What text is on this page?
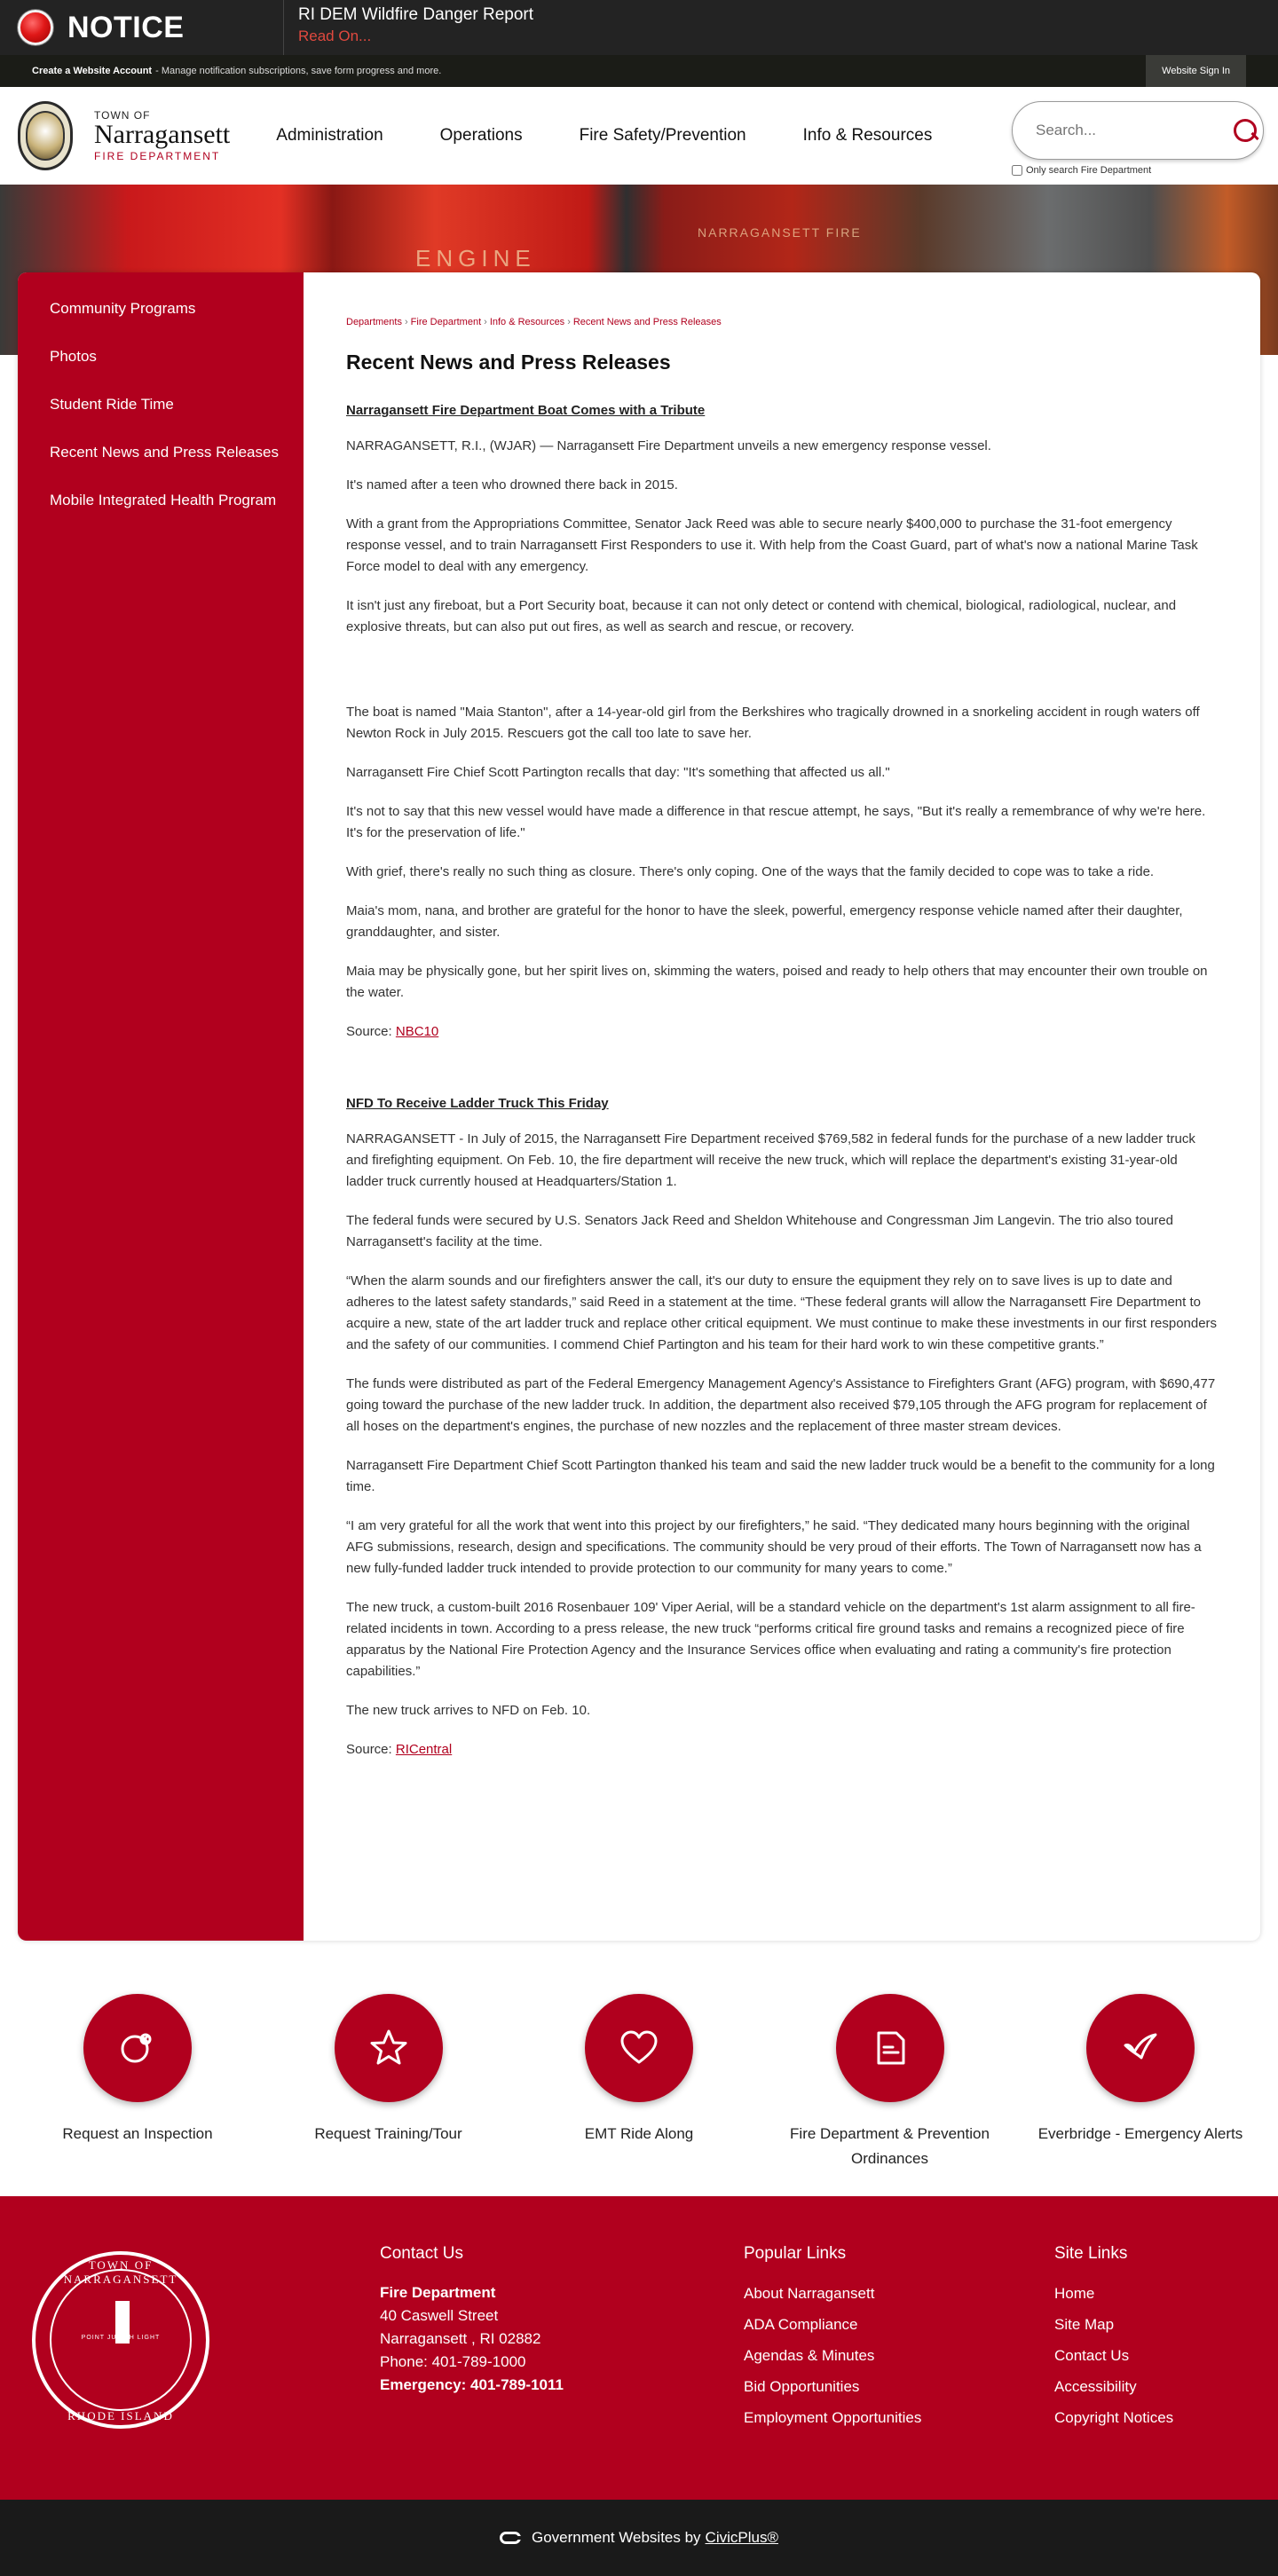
NOTICE	RI DEM Wildfire Danger Report
Read On...
Create a Website Account - Manage notification subscriptions, save form progress and more.	Website Sign In
TOWN OF
Narragansett
FIRE DEPARTMENT
Administration	Operations	Fire Safety/Prevention	Info & Resources
Search...
Only search Fire Department
ENGINE
NARRAGANSETT FIRE
Community Programs
Photos
Student Ride Time
Recent News and Press Releases
Mobile Integrated Health Program
Departments › Fire Department › Info & Resources › Recent News and Press Releases
Recent News and Press Releases
Narragansett Fire Department Boat Comes with a Tribute

NARRAGANSETT, R.I., (WJAR) — Narragansett Fire Department unveils a new emergency response vessel.

It's named after a teen who drowned there back in 2015.

With a grant from the Appropriations Committee, Senator Jack Reed was able to secure nearly $400,000 to purchase the 31-foot emergency response vessel, and to train Narragansett First Responders to use it. With help from the Coast Guard, part of what's now a national Marine Task Force model to deal with any emergency.

It isn't just any fireboat, but a Port Security boat, because it can not only detect or contend with chemical, biological, radiological, nuclear, and explosive threats, but can also put out fires, as well as search and rescue, or recovery.

The boat is named "Maia Stanton", after a 14-year-old girl from the Berkshires who tragically drowned in a snorkeling accident in rough waters off Newton Rock in July 2015. Rescuers got the call too late to save her.

Narragansett Fire Chief Scott Partington recalls that day: "It's something that affected us all."

It's not to say that this new vessel would have made a difference in that rescue attempt, he says, "But it's really a remembrance of why we're here. It's for the preservation of life."

With grief, there's really no such thing as closure. There's only coping. One of the ways that the family decided to cope was to take a ride.

Maia's mom, nana, and brother are grateful for the honor to have the sleek, powerful, emergency response vehicle named after their daughter, granddaughter, and sister.

Maia may be physically gone, but her spirit lives on, skimming the waters, poised and ready to help others that may encounter their own trouble on the water.

Source: NBC10

NFD To Receive Ladder Truck This Friday

NARRAGANSETT - In July of 2015, the Narragansett Fire Department received $769,582 in federal funds for the purchase of a new ladder truck and firefighting equipment. On Feb. 10, the fire department will receive the new truck, which will replace the department's existing 31-year-old ladder truck currently housed at Headquarters/Station 1.

The federal funds were secured by U.S. Senators Jack Reed and Sheldon Whitehouse and Congressman Jim Langevin. The trio also toured Narragansett's facility at the time.

“When the alarm sounds and our firefighters answer the call, it's our duty to ensure the equipment they rely on to save lives is up to date and adheres to the latest safety standards,” said Reed in a statement at the time. “These federal grants will allow the Narragansett Fire Department to acquire a new, state of the art ladder truck and replace other critical equipment. We must continue to make these investments in our first responders and the safety of our communities. I commend Chief Partington and his team for their hard work to win these competitive grants.”

The funds were distributed as part of the Federal Emergency Management Agency's Assistance to Firefighters Grant (AFG) program, with $690,477 going toward the purchase of the new ladder truck. In addition, the department also received $79,105 through the AFG program for replacement of all hoses on the department's engines, the purchase of new nozzles and the replacement of three master stream devices.

Narragansett Fire Department Chief Scott Partington thanked his team and said the new ladder truck would be a benefit to the community for a long time.

“I am very grateful for all the work that went into this project by our firefighters,” he said. “They dedicated many hours beginning with the original AFG submissions, research, design and specifications. The community should be very proud of their efforts. The Town of Narragansett now has a new fully-funded ladder truck intended to provide protection to our community for many years to come.”

The new truck, a custom-built 2016 Rosenbauer 109' Viper Aerial, will be a standard vehicle on the department's 1st alarm assignment to all fire-related incidents in town. According to a press release, the new truck “performs critical fire ground tasks and remains a recognized piece of fire apparatus by the National Fire Protection Agency and the Insurance Services office when evaluating and rating a community's fire protection capabilities.”

The new truck arrives to NFD on Feb. 10.

Source: RICentral

Request an Inspection	Request Training/Tour	EMT Ride Along	Fire Department & Prevention Ordinances
Everbridge - Emergency Alerts
TOWN OF NARRAGANSETT
POINT JUDITH LIGHT
RHODE ISLAND
Contact Us
Fire Department
40 Caswell Street
Narragansett , RI 02882
Phone: 401-789-1000
Emergency: 401-789-1011
Popular Links
About Narragansett
ADA Compliance
Agendas & Minutes
Bid Opportunities
Employment Opportunities
Site Links
Home
Site Map
Contact Us
Accessibility
Copyright Notices
Government Websites by CivicPlus®
